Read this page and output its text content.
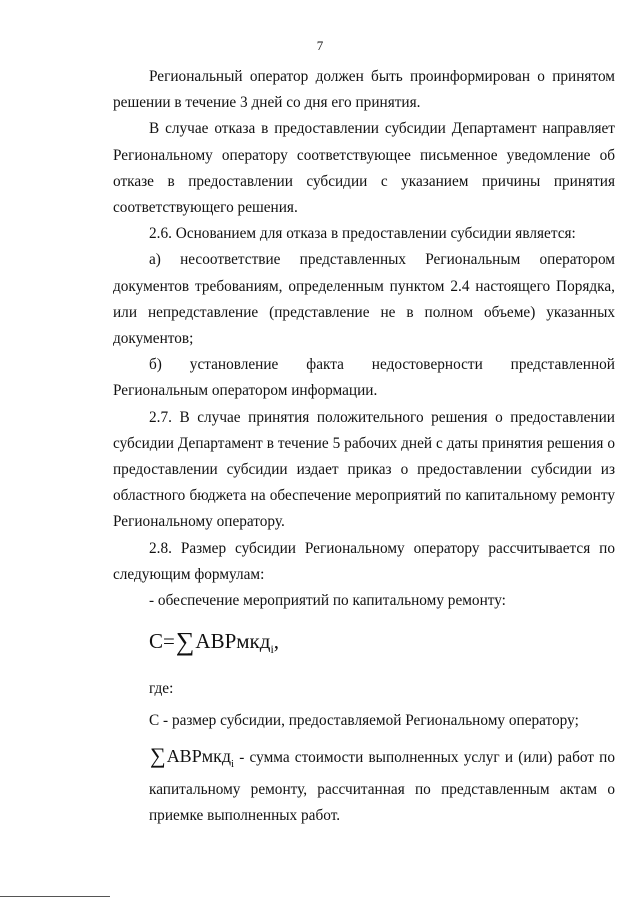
7

Региональный оператор должен быть проинформирован о принятом решении в течение 3 дней со дня его принятия.

В случае отказа в предоставлении субсидии Департамент направляет Региональному оператору соответствующее письменное уведомление об отказе в предоставлении субсидии с указанием причины принятия соответствующего решения.

2.6. Основанием для отказа в предоставлении субсидии является:

а) несоответствие представленных Региональным оператором документов требованиям, определенным пунктом 2.4 настоящего Порядка, или непредставление (представление не в полном объеме) указанных документов;

б) установление факта недостоверности представленной Региональным оператором информации.

2.7. В случае принятия положительного решения о предоставлении субсидии Департамент в течение 5 рабочих дней с даты принятия решения о предоставлении субсидии издает приказ о предоставлении субсидии из областного бюджета на обеспечение мероприятий по капитальному ремонту Региональному оператору.

2.8. Размер субсидии Региональному оператору рассчитывается по следующим формулам:

- обеспечение мероприятий по капитальному ремонту:

С=∑АВРмкд$_i$,

где:

С - размер субсидии, предоставляемой Региональному оператору;

∑АВРмкд$_i$ - сумма стоимости выполненных услуг и (или) работ по капитальному ремонту, рассчитанная по представленным актам о приемке выполненных работ.
